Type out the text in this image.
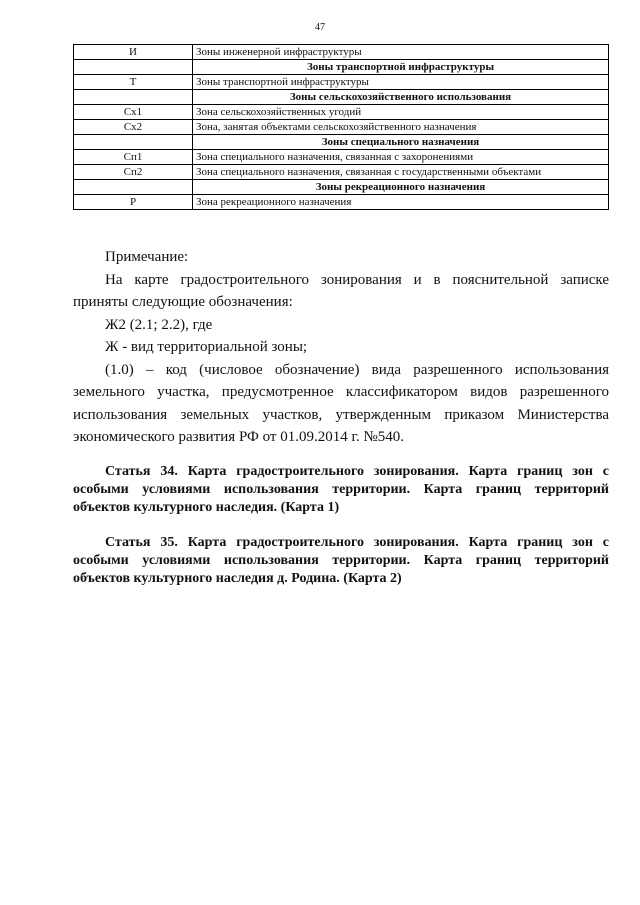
47
И	Зоны инженерной инфраструктуры
	Зоны транспортной инфраструктуры
Т	Зоны транспортной инфраструктуры
	Зоны сельскохозяйственного использования
Сх1	Зона сельскохозяйственных угодий
Сх2	Зона, занятая объектами сельскохозяйственного назначения
	Зоны специального назначения
Сп1	Зона специального назначения, связанная с захоронениями
Сп2	Зона специального назначения, связанная с государственными объектами
	Зоны рекреационного назначения
Р	Зона рекреационного назначения

Примечание:

На карте градостроительного зонирования и в пояснительной записке приняты следующие обозначения:

Ж2 (2.1; 2.2), где

Ж - вид территориальной зоны;

(1.0) – код (числовое обозначение) вида разрешенного использования земельного участка, предусмотренное классификатором видов разрешенного использования земельных участков, утвержденным приказом Министерства экономического развития РФ от 01.09.2014 г. №540.

Статья 34. Карта градостроительного зонирования. Карта границ зон с особыми условиями использования территории. Карта границ территорий объектов культурного наследия. (Карта 1)

Статья 35. Карта градостроительного зонирования. Карта границ зон с особыми условиями использования территории. Карта границ территорий объектов культурного наследия д. Родина. (Карта 2)
